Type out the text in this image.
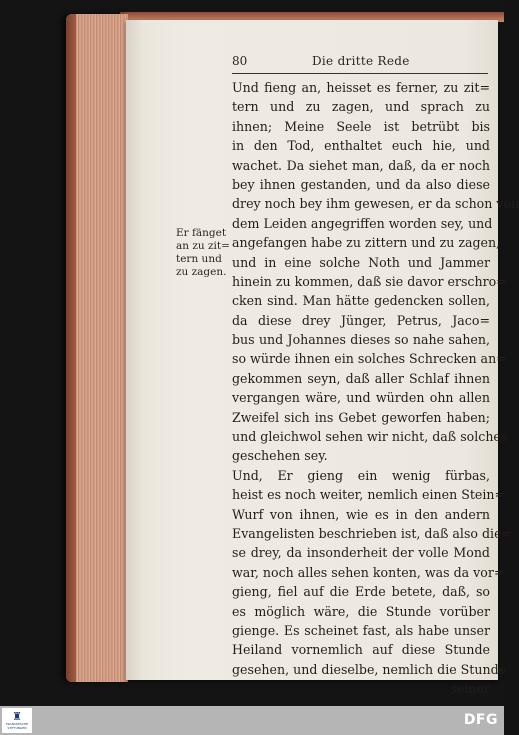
80	Die dritte Rede
Er fänget
an zu zit=
tern und
zu zagen.
Und fieng an, heisset es ferner, zu zit=
tern und zu zagen, und sprach zu
ihnen; Meine Seele ist betrübt bis
in den Tod, enthaltet euch hie, und
wachet. Da siehet man, daß, da er noch
bey ihnen gestanden, und da also diese
drey noch bey ihm gewesen, er da schon von
dem Leiden angegriffen worden sey, und
angefangen habe zu zittern und zu zagen,
und in eine solche Noth und Jammer
hinein zu kommen, daß sie davor erschro=
cken sind. Man hätte gedencken sollen,
da diese drey Jünger, Petrus, Jaco=
bus und Johannes dieses so nahe sahen,
so würde ihnen ein solches Schrecken an=
gekommen seyn, daß aller Schlaf ihnen
vergangen wäre, und würden ohn allen
Zweifel sich ins Gebet geworfen haben;
und gleichwol sehen wir nicht, daß solches
geschehen sey.
Und, Er gieng ein wenig fürbas,
heist es noch weiter, nemlich einen Stein=
Wurf von ihnen, wie es in den andern
Evangelisten beschrieben ist, daß also die=
se drey, da insonderheit der volle Mond
war, noch alles sehen konten, was da vor=
gieng, fiel auf die Erde betete, daß, so
es möglich wäre, die Stunde vorüber
gienge. Es scheinet fast, als habe unser
Heiland vornemlich auf diese Stunde
gesehen, und dieselbe, nemlich die Stunde
seiner
♜
FRANCKESCHE
STIFTUNGEN	DFG
